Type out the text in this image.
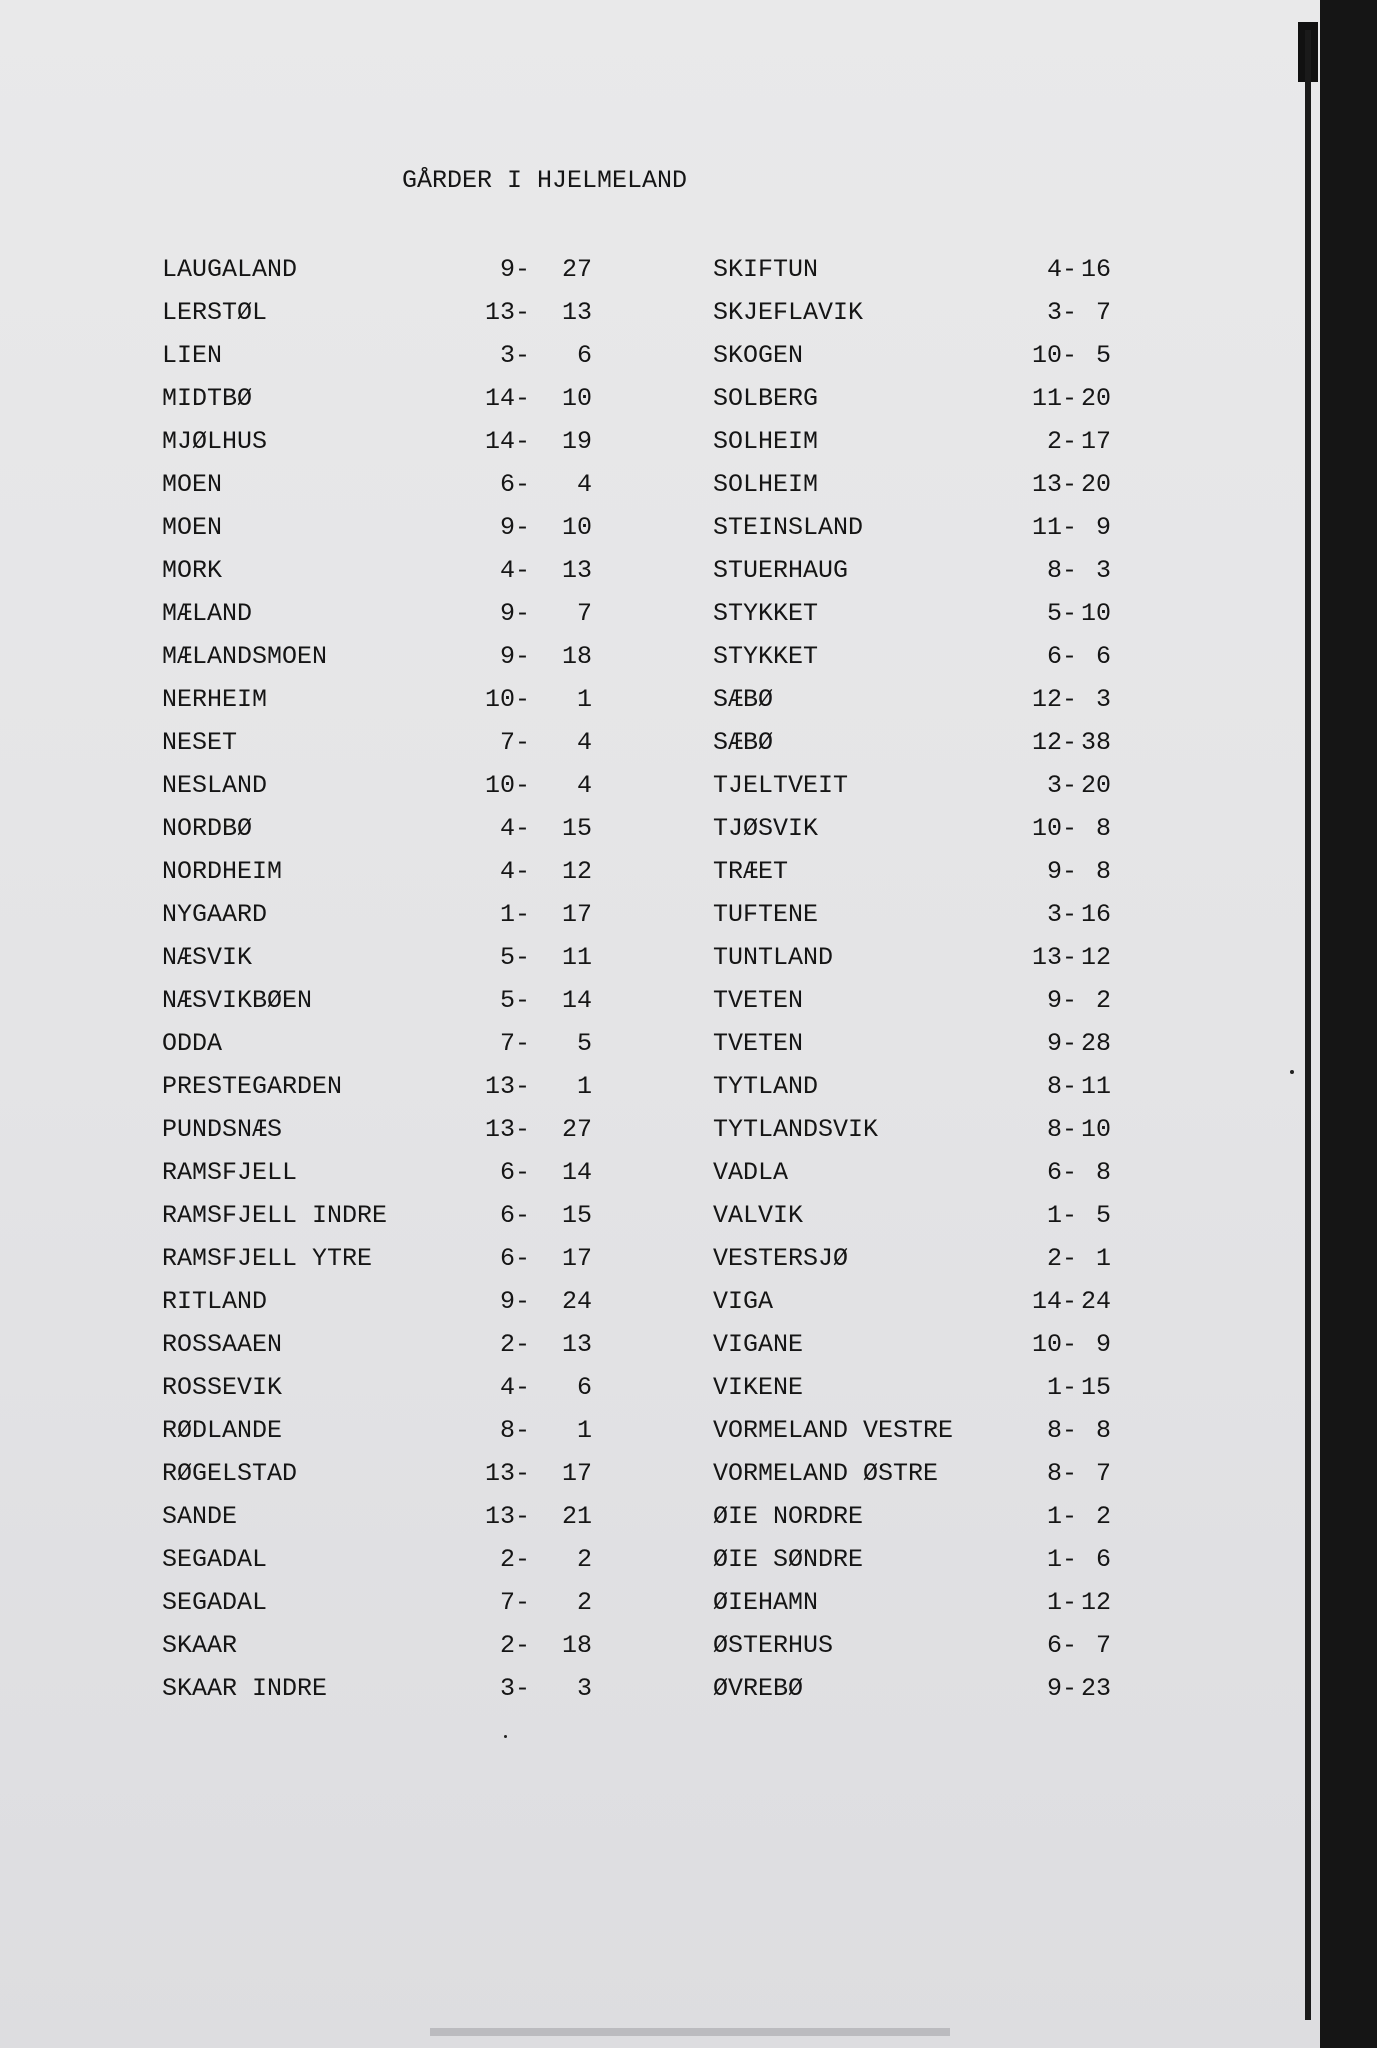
GÅRDER I HJELMELAND
LAUGALAND	9-	27
LERSTØL	13-	13
LIEN	3-	6
MIDTBØ	14-	10
MJØLHUS	14-	19
MOEN	6-	4
MOEN	9-	10
MORK	4-	13
MÆLAND	9-	7
MÆLANDSMOEN	9-	18
NERHEIM	10-	1
NESET	7-	4
NESLAND	10-	4
NORDBØ	4-	15
NORDHEIM	4-	12
NYGAARD	1-	17
NÆSVIK	5-	11
NÆSVIKBØEN	5-	14
ODDA	7-	5
PRESTEGARDEN	13-	1
PUNDSNÆS	13-	27
RAMSFJELL	6-	14
RAMSFJELL INDRE	6-	15
RAMSFJELL YTRE	6-	17
RITLAND	9-	24
ROSSAAEN	2-	13
ROSSEVIK	4-	6
RØDLANDE	8-	1
RØGELSTAD	13-	17
SANDE	13-	21
SEGADAL	2-	2
SEGADAL	7-	2
SKAAR	2-	18
SKAAR INDRE	3-	3
SKIFTUN	4- 16
SKJEFLAVIK	3- 7
SKOGEN	10- 5
SOLBERG	11- 20
SOLHEIM	2- 17
SOLHEIM	13- 20
STEINSLAND	11- 9
STUERHAUG	8- 3
STYKKET	5- 10
STYKKET	6- 6
SÆBØ	12- 3
SÆBØ	12- 38
TJELTVEIT	3- 20
TJØSVIK	10- 8
TRÆET	9- 8
TUFTENE	3- 16
TUNTLAND	13- 12
TVETEN	9- 2
TVETEN	9- 28
TYTLAND	8- 11
TYTLANDSVIK	8- 10
VADLA	6- 8
VALVIK	1- 5
VESTERSJØ	2- 1
VIGA	14- 24
VIGANE	10- 9
VIKENE	1- 15
VORMELAND VESTRE	8- 8
VORMELAND ØSTRE	8- 7
ØIE NORDRE	1- 2
ØIE SØNDRE	1- 6
ØIEHAMN	1- 12
ØSTERHUS	6- 7
ØVREBØ	9- 23
